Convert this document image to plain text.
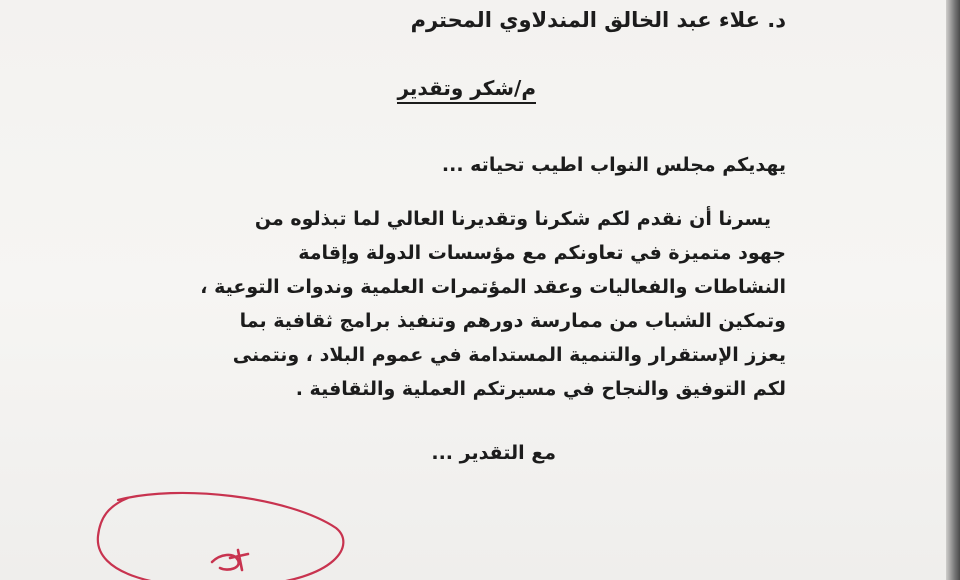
د. علاء عبد الخالق المندلاوي المحترم
م/شكر وتقدير
يهديكم مجلس النواب اطيب تحياته ...
يسرنا أن نقدم لكم شكرنا وتقديرنا العالي لما تبذلوه من
جهود متميزة في تعاونكم مع مؤسسات الدولة وإقامة
النشاطات والفعاليات وعقد المؤتمرات العلمية وندوات التوعية ،
وتمكين الشباب من ممارسة دورهم وتنفيذ برامج ثقافية بما
يعزز الإستقرار والتنمية المستدامة في عموم البلاد ، ونتمنى
لكم التوفيق والنجاح في مسيرتكم العملية والثقافية .
مع التقدير ...
